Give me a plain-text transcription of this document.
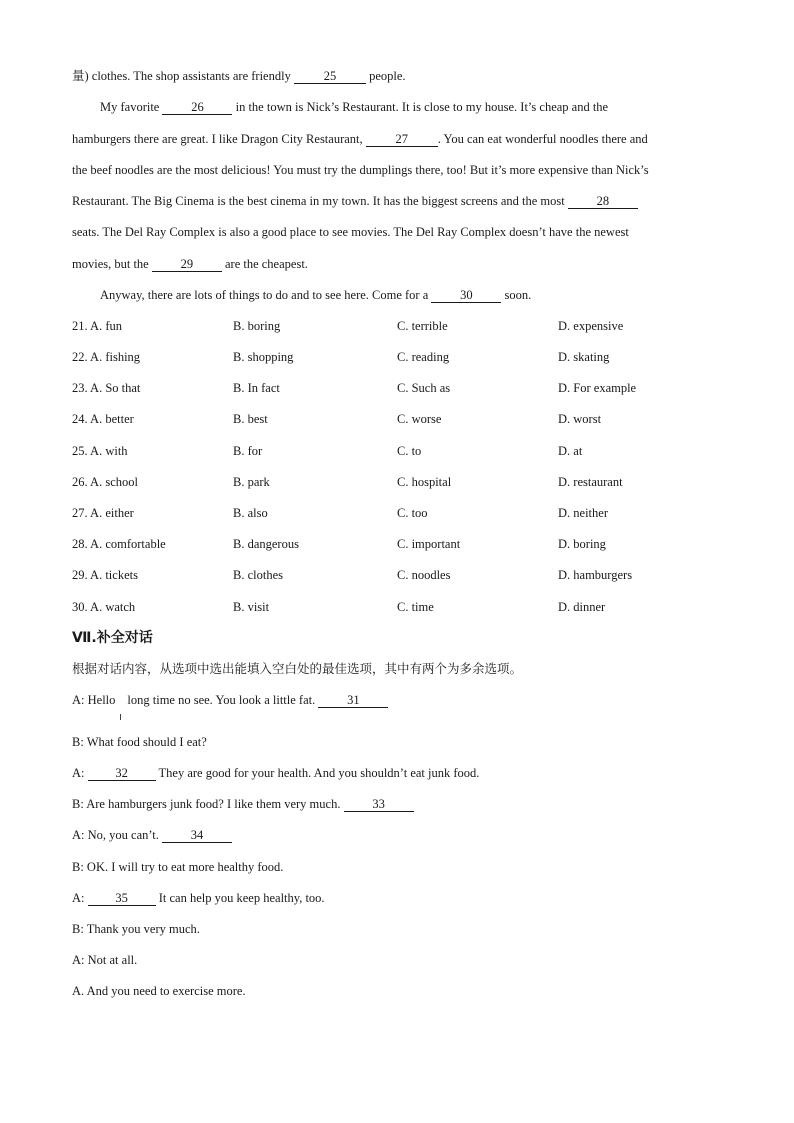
量) clothes. The shop assistants are friendly 25 people.
My favorite 26 in the town is Nick’s Restaurant. It is close to my house. It’s cheap and the
hamburgers there are great. I like Dragon City Restaurant, 27 . You can eat wonderful noodles there and
the beef noodles are the most delicious! You must try the dumplings there, too! But it’s more expensive than Nick’s
Restaurant. The Big Cinema is the best cinema in my town. It has the biggest screens and the most 28
seats. The Del Ray Complex is also a good place to see movies. The Del Ray Complex doesn’t have the newest
movies, but the 29 are the cheapest.
Anyway, there are lots of things to do and to see here. Come for a 30 soon.
21. A. fun	B. boring	C. terrible	D. expensive
22. A. fishing	B. shopping	C. reading	D. skating
23. A. So that	B. In fact	C. Such as	D. For example
24. A. better	B. best	C. worse	D. worst
25. A. with	B. for	C. to	D. at
26. A. school	B. park	C. hospital	D. restaurant
27. A. either	B. also	C. too	D. neither
28. A. comfortable	B. dangerous	C. important	D. boring
29. A. tickets	B. clothes	C. noodles	D. hamburgers
30. A. watch	B. visit	C. time	D. dinner
Ⅶ.补全对话
根据对话内容，从选项中选出能填入空白处的最佳选项，其中有两个为多余选项。
A: Hello long time no see. You look a little fat. 31
B: What food should I eat?
A: 32 They are good for your health. And you shouldn’t eat junk food.
B: Are hamburgers junk food? I like them very much. 33
A: No, you can’t. 34
B: OK. I will try to eat more healthy food.
A: 35 It can help you keep healthy, too.
B: Thank you very much.
A: Not at all.
A. And you need to exercise more.
